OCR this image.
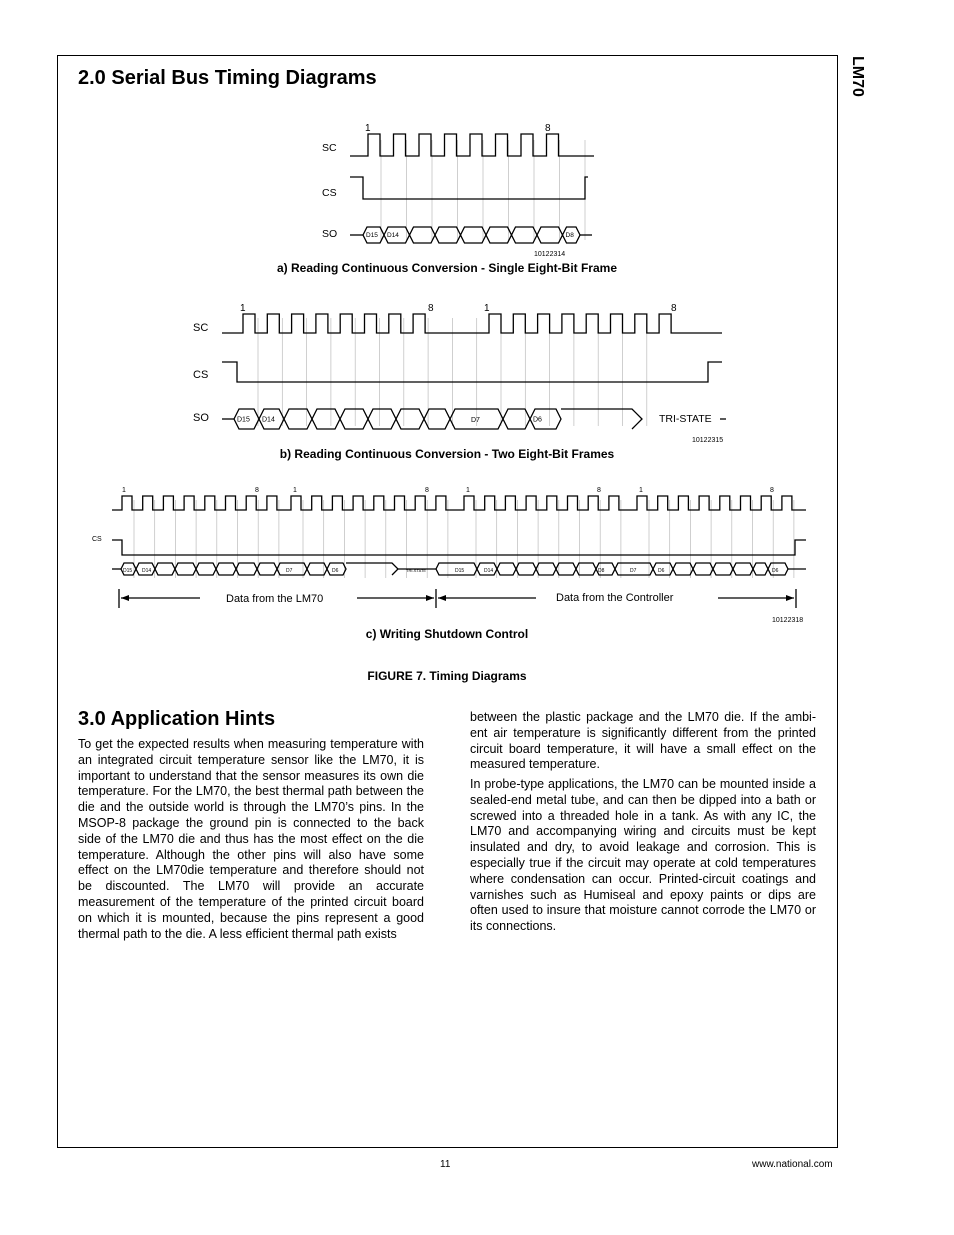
LM70
2.0 Serial Bus Timing Diagrams
SC
CS
SO
1	8
D15 D14	D8
SC
CS
SO
1	8	1	8
D15 D14	D7	D6	TRI-STATE
CS
1	8	1	8	1	8	1	8
D15 D14	D7	D6	TRI-STATE	D15	D14	D8	D7	D6	D6
Data from the LM70	Data from the Controller
10122314
a) Reading Continuous Conversion - Single Eight-Bit Frame
10122315
b) Reading Continuous Conversion - Two Eight-Bit Frames
10122318
c) Writing Shutdown Control
FIGURE 7. Timing Diagrams
3.0 Application Hints

To get the expected results when measuring temperature with an integrated circuit temperature sensor like the LM70, it is important to understand that the sensor measures its own die temperature. For the LM70, the best thermal path between the die and the outside world is through the LM70’s pins. In the MSOP-8 package the ground pin is connected to the back side of the LM70 die and thus has the most effect on the die temperature. Although the other pins will also have some effect on the LM70die temperature and therefore should not be discounted. The LM70 will provide an accurate measurement of the temperature of the printed circuit board on which it is mounted, because the pins represent a good thermal path to the die. A less efficient thermal path exists

between the plastic package and the LM70 die. If the ambi- ent air temperature is significantly different from the printed circuit board temperature, it will have a small effect on the measured temperature.

In probe-type applications, the LM70 can be mounted inside a sealed-end metal tube, and can then be dipped into a bath or screwed into a threaded hole in a tank. As with any IC, the LM70 and accompanying wiring and circuits must be kept insulated and dry, to avoid leakage and corrosion. This is especially true if the circuit may operate at cold temperatures where condensation can occur. Printed-circuit coatings and varnishes such as Humiseal and epoxy paints or dips are often used to insure that moisture cannot corrode the LM70 or its connections.

11	www.national.com
